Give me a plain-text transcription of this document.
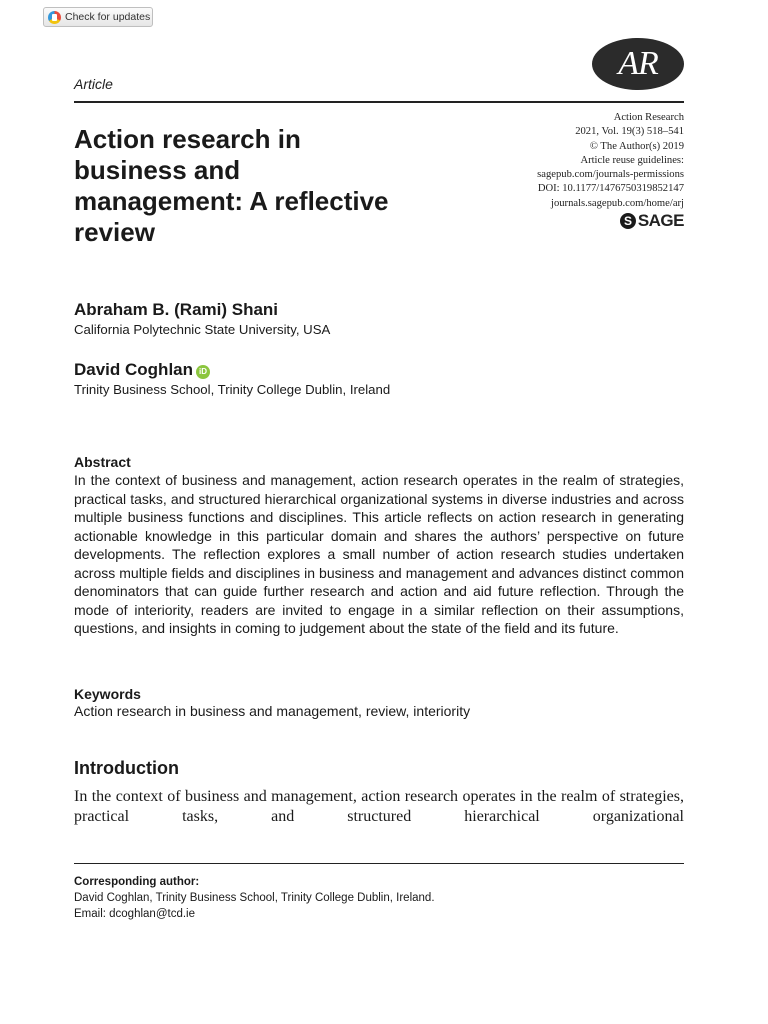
Check for updates
Article
AR
Action Research
2021, Vol. 19(3) 518–541
© The Author(s) 2019
Article reuse guidelines:
sagepub.com/journals-permissions
DOI: 10.1177/1476750319852147
journals.sagepub.com/home/arj
S SAGE
Action research in business and management: A reflective review

Abraham B. (Rami) Shani

California Polytechnic State University, USA

David Coghlan iD

Trinity Business School, Trinity College Dublin, Ireland

Abstract

In the context of business and management, action research operates in the realm of strategies, practical tasks, and structured hierarchical organizational systems in diverse industries and across multiple business functions and disciplines. This article reflects on action research in generating actionable knowledge in this particular domain and shares the authors’ perspective on future developments. The reflection explores a small number of action research studies undertaken across multiple fields and disciplines in business and management and advances distinct common denominators that can guide further research and action and aid future reflection. Through the mode of interiority, readers are invited to engage in a similar reflection on their assumptions, questions, and insights in coming to judgement about the state of the field and its future.

Keywords

Action research in business and management, review, interiority

Introduction

In the context of business and management, action research operates in the realm of strategies, practical tasks, and structured hierarchical organizational

Corresponding author:
David Coghlan, Trinity Business School, Trinity College Dublin, Ireland.
Email: dcoghlan@tcd.ie
